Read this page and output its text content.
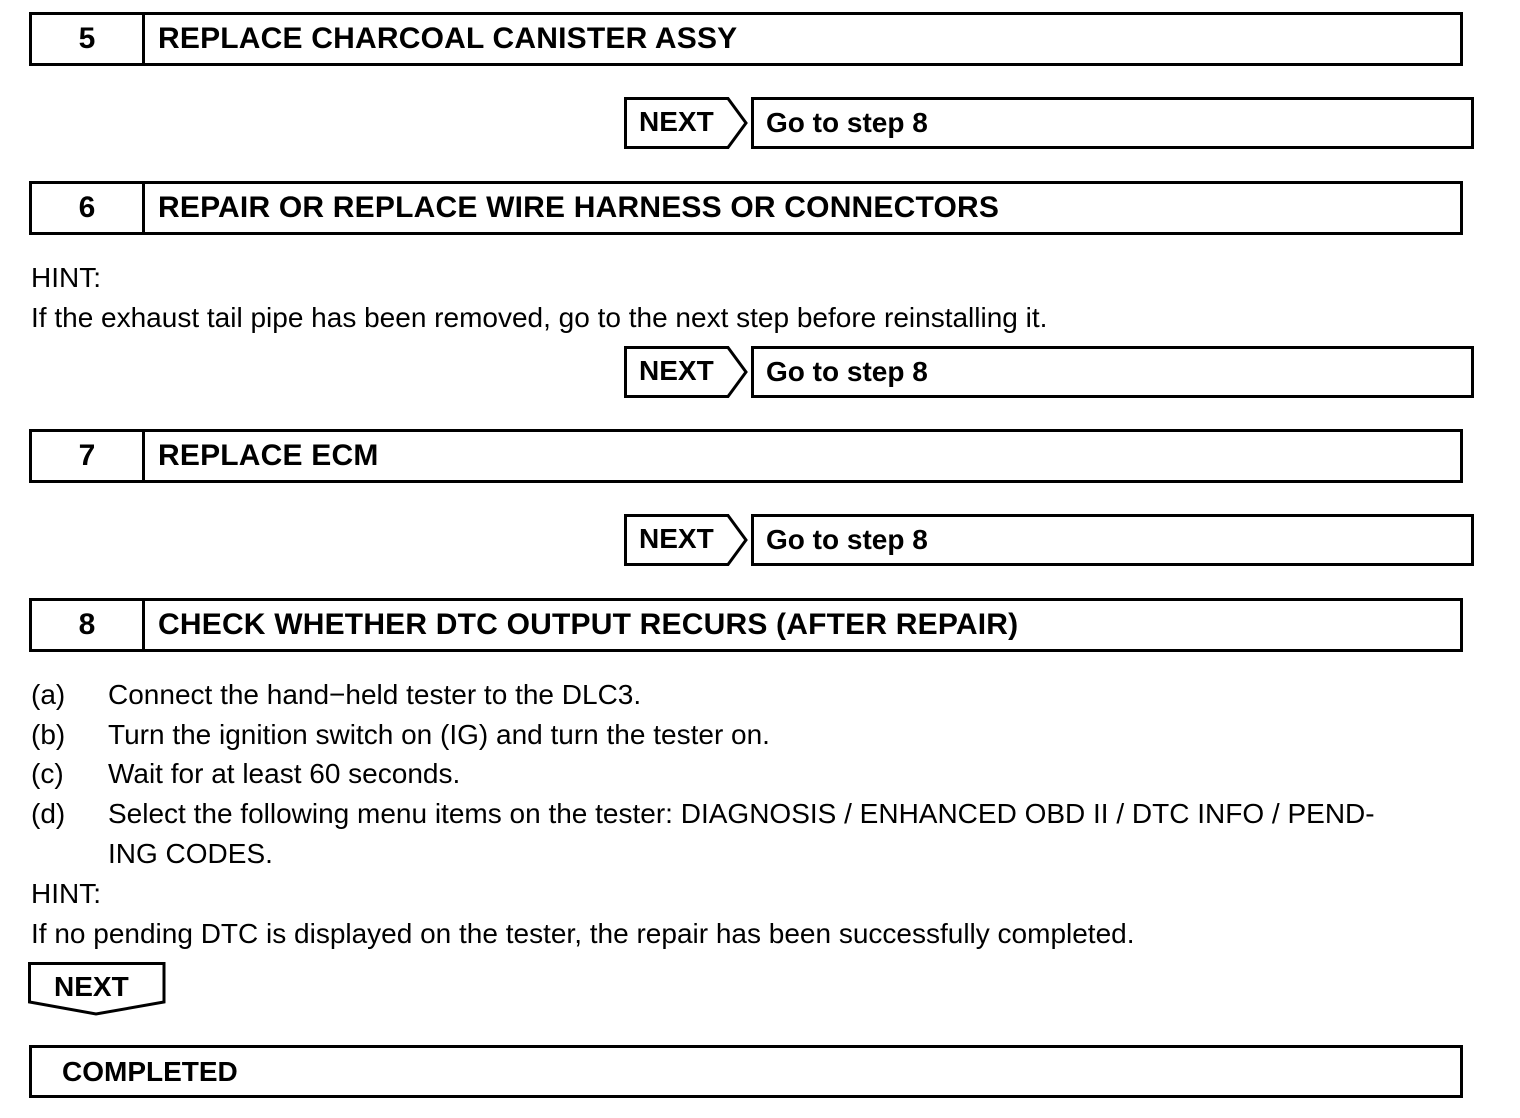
5	REPLACE CHARCOAL CANISTER ASSY
NEXT	Go to step 8
6	REPAIR OR REPLACE WIRE HARNESS OR CONNECTORS
HINT:
If the exhaust tail pipe has been removed, go to the next step before reinstalling it.
NEXT	Go to step 8
7	REPLACE ECM
NEXT	Go to step 8
8	CHECK WHETHER DTC OUTPUT RECURS (AFTER REPAIR)
(a) Connect the hand−held tester to the DLC3.
(b) Turn the ignition switch on (IG) and turn the tester on.
(c) Wait for at least 60 seconds.
(d) Select the following menu items on the tester: DIAGNOSIS / ENHANCED OBD II / DTC INFO / PEND-
ING CODES.
HINT:
If no pending DTC is displayed on the tester, the repair has been successfully completed.
NEXT
COMPLETED
